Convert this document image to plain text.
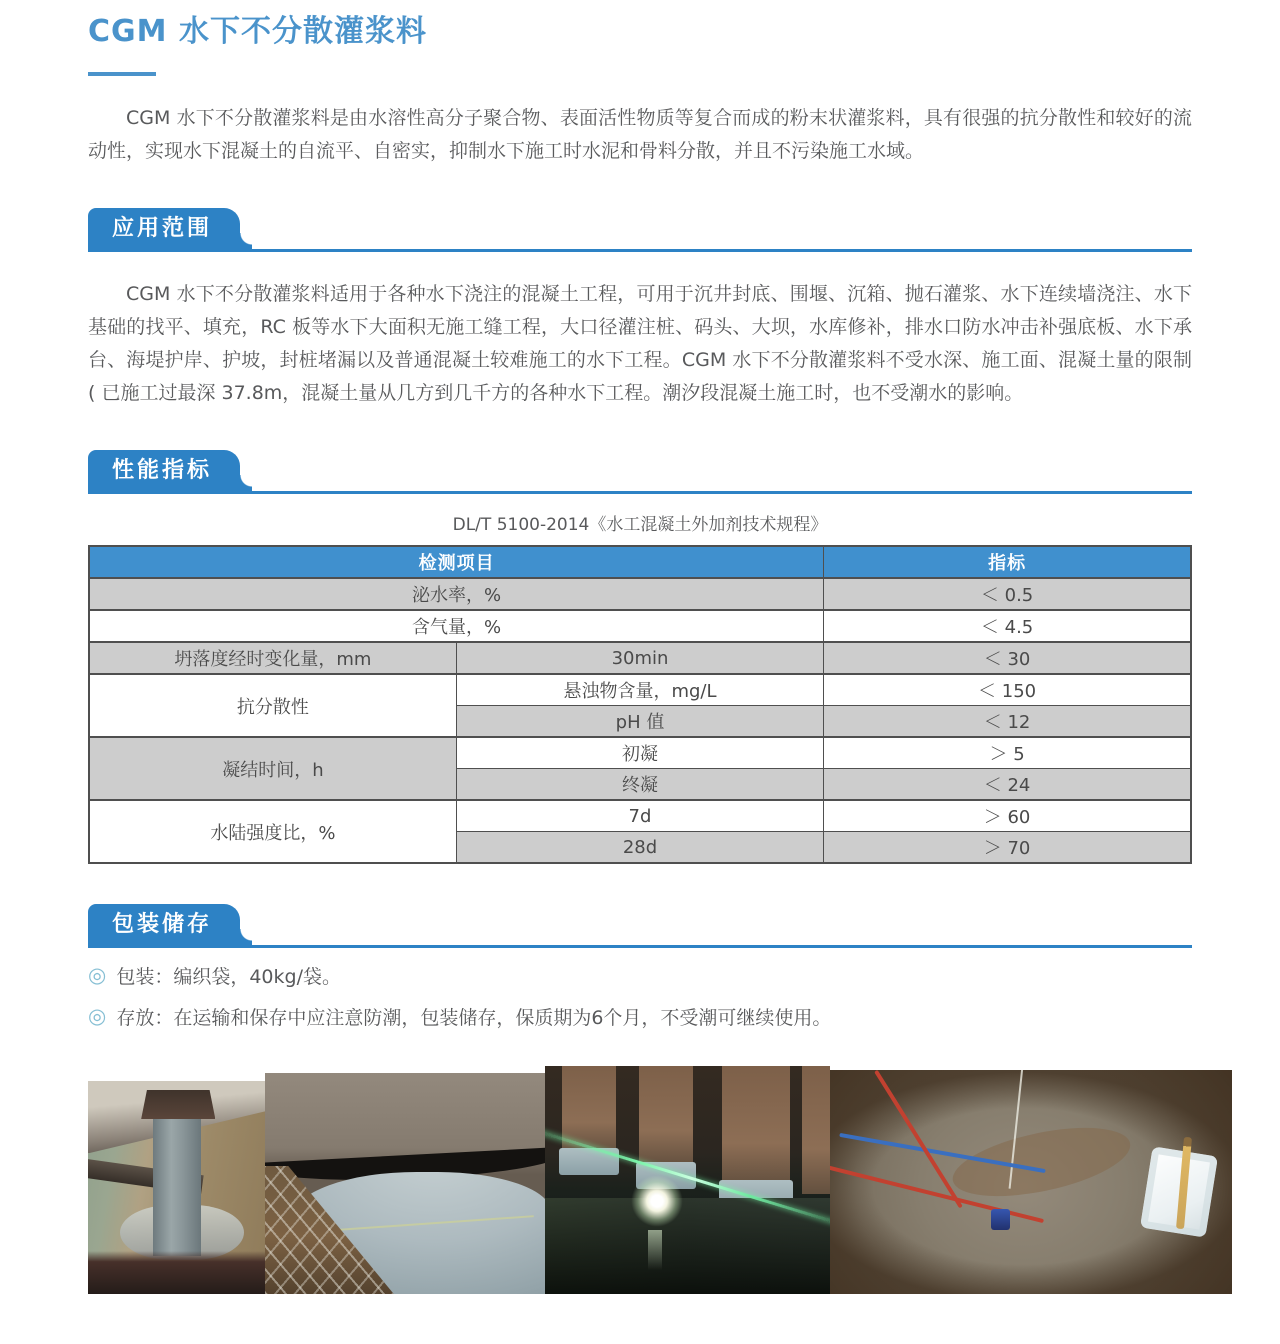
CGM 水下不分散灌浆料

CGM 水下不分散灌浆料是由水溶性高分子聚合物、表面活性物质等复合而成的粉末状灌浆料，具有很强的抗分散性和较好的流动性，实现水下混凝土的自流平、自密实，抑制水下施工时水泥和骨料分散，并且不污染施工水域。

应用范围

CGM 水下不分散灌浆料适用于各种水下浇注的混凝土工程，可用于沉井封底、围堰、沉箱、抛石灌浆、水下连续墙浇注、水下基础的找平、填充，RC 板等水下大面积无施工缝工程，大口径灌注桩、码头、大坝，水库修补，排水口防水冲击补强底板、水下承台、海堤护岸、护坡，封桩堵漏以及普通混凝土较难施工的水下工程。CGM 水下不分散灌浆料不受水深、施工面、混凝土量的限制 ( 已施工过最深 37.8m，混凝土量从几方到几千方的各种水下工程。潮汐段混凝土施工时，也不受潮水的影响。

性能指标
DL/T 5100-2014《水工混凝土外加剂技术规程》
检测项目		指标
泌水率，%		＜ 0.5
含气量，%		＜ 4.5
坍落度经时变化量，mm	30min	＜ 30
抗分散性	悬浊物含量，mg/L	＜ 150
	pH 值	＜ 12
凝结时间，h	初凝	＞ 5
	终凝	＜ 24
水陆强度比，%	7d	＞ 60
	28d	＞ 70
包装储存
◎ 包装：编织袋，40kg/袋。
◎ 存放：在运输和保存中应注意防潮，包装储存，保质期为6个月，不受潮可继续使用。
